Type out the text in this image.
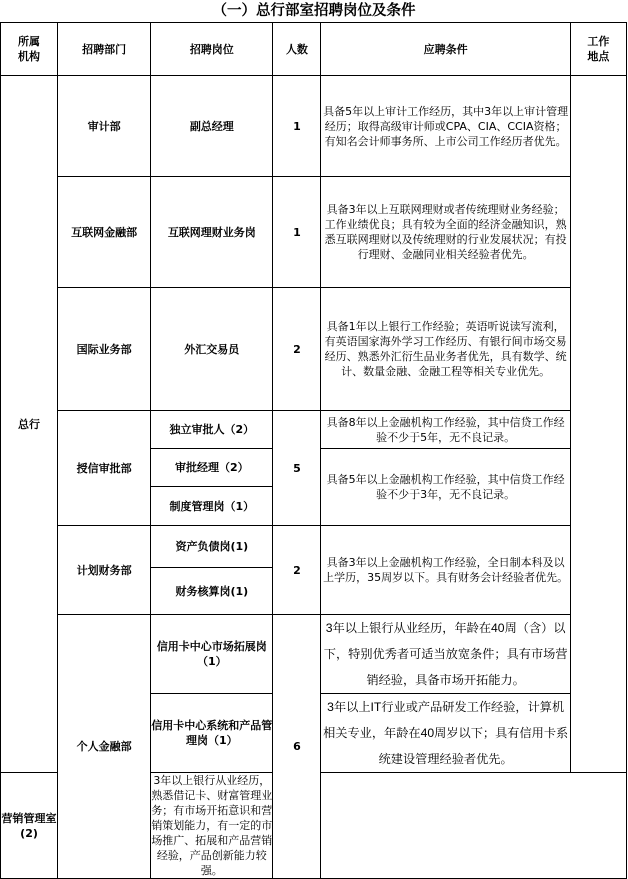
（一）总行部室招聘岗位及条件
所属
机构	招聘部门	招聘岗位	人数	应聘条件	工作
地点

总行	审计部	副总经理	1	具备5年以上审计工作经历，其中3年以上审计管理经历；取得高级审计师或CPA、CIA、CCIA资格；有知名会计师事务所、上市公司工作经历者优先。	
	互联网金融部	互联网理财业务岗	1	具备3年以上互联网理财或者传统理财业务经验；工作业绩优良；具有较为全面的经济金融知识，熟悉互联网理财以及传统理财的行业发展状况；有投行理财、金融同业相关经验者优先。	
	国际业务部	外汇交易员	2	具备1年以上银行工作经验；英语听说读写流利，有英语国家海外学习工作经历、有银行间市场交易经历、熟悉外汇衍生品业务者优先，具有数学、统计、数量金融、金融工程等相关专业优先。	
	授信审批部	独立审批人（2）	5	具备8年以上金融机构工作经验，其中信贷工作经验不少于5年，无不良记录。	
		审批经理（2）		具备5年以上金融机构工作经验，其中信贷工作经验不少于3年，无不良记录。	
		制度管理岗（1）			
	计划财务部	资产负债岗(1)	2	具备3年以上金融机构工作经验，全日制本科及以上学历，35周岁以下。具有财务会计经验者优先。	
		财务核算岗(1)			
	个人金融部	信用卡中心市场拓展岗（1）	6	3年以上银行从业经历，年龄在40周（含）以下，特别优秀者可适当放宽条件；具有市场营销经验，具备市场开拓能力。	
		信用卡中心系统和产品管理岗（1）		3年以上IT行业或产品研发工作经验，计算机相关专业，年龄在40周岁以下；具有信用卡系统建设管理经验者优先。	
营销管理室(2)		3年以上银行从业经历，熟悉借记卡、财富管理业务；有市场开拓意识和营销策划能力，有一定的市场推广、拓展和产品营销经验，产品创新能力较强。			
